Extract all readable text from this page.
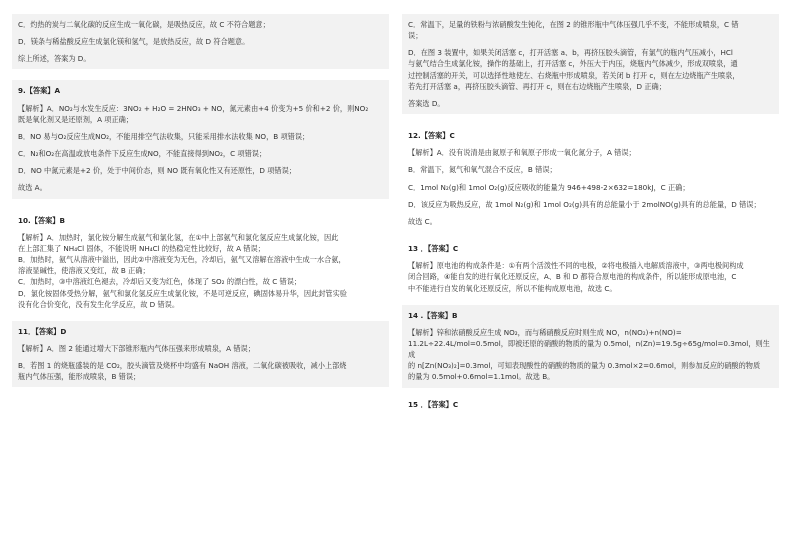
C．灼热的炭与二氧化碳的反应生成一氧化碳，是吸热反应，故 C 不符合题意；

D．镁条与稀盐酸反应生成氯化镁和氢气，是放热反应，故 D 符合题意。

综上所述，答案为 D。

9.【答案】A

【解析】A．NO₂与水发生反应：3NO₂ + H₂O = 2HNO₃ + NO，氮元素由+4 价变为+5 价和+2 价，则NO₂

既是氧化剂又是还原剂，A 项正确；

B．NO 易与O₂反应生成NO₂，不能用排空气法收集，只能采用排水法收集 NO，B 项错误；

C．N₂和O₂在高温或放电条件下反应生成NO，不能直接得到NO₂，C 项错误；

D．NO 中氮元素是+2 价，处于中间价态，则 NO 既有氧化性又有还原性，D 项错误；

故选 A。

10.【答案】B

【解析】A．加热时，氯化铵分解生成氨气和氯化氢，在①中上部氨气和氯化氢反应生成氯化铵，因此

在上部汇集了 NH₄Cl 固体，不能说明 NH₄Cl 的热稳定性比较好，故 A 错误；

B．加热时，氨气从溶液中溢出，因此②中溶液变为无色，冷却后，氨气又溶解在溶液中生成一水合氨，

溶液显碱性，使溶液又变红，故 B 正确；

C．加热时，③中溶液红色褪去，冷却后又变为红色，体现了 SO₂ 的漂白性，故 C 错误；

D．氯化铵固体受热分解，氨气和氯化氢反应生成氯化铵，不是可逆反应，碘固体易升华，因此封管实验

没有化合价变化，没有发生化学反应，故 D 错误。

11．【答案】D

【解析】A．图 2 能通过增大下部锥形瓶内气体压强来形成喷泉，A 错误；

B．若图 1 的烧瓶盛装的是 CO₂，胶头滴管及烧杯中均盛有 NaOH 溶液，二氧化碳被吸收，减小上部烧

瓶内气体压强，能形成喷泉，B 错误；

C．常温下，足量的铁粉与浓硝酸发生钝化，在图 2 的锥形瓶中气体压强几乎不变，不能形成喷泉，C 错

误；

D．在图 3 装置中，如果关闭活塞 c，打开活塞 a、b，再挤压胶头滴管，有氯气的瓶内气压减小，HCl

与氨气结合生成氯化铵，操作的基础上，打开活塞 c，外压大于内压，烧瓶内气体减少，形成双喷泉，通

过控制活塞的开关，可以选择性地使左、右烧瓶中形成喷泉，若关闭 b 打开 c，则在左边烧瓶产生喷泉，

若先打开活塞 a，再挤压胶头滴管、再打开 c，则在右边烧瓶产生喷泉，D 正确；

答案选 D。

12.【答案】C

【解析】A．没有说清是由氮原子和氧原子形成一氧化氮分子，A 错误；

B．常温下，氮气和氧气混合不反应，B 错误；

C．1mol N₂(g)和 1mol O₂(g)反应吸收的能量为 946+498-2×632=180kJ，C 正确；

D．该反应为吸热反应，故 1mol N₂(g)和 1mol O₂(g)具有的总能量小于 2molNO(g)具有的总能量，D 错误；

故选 C。

13 ．【答案】C

【解析】原电池的构成条件是：①有两个活泼性不同的电极，②将电极插入电解质溶液中，③两电极间构成

闭合回路，④能自发的进行氧化还原反应，A、B 和 D 都符合原电池的构成条件，所以能形成原电池，C

中不能进行自发的氧化还原反应，所以不能构成原电池，故选 C。

14 .【答案】B

【解析】锌和浓硝酸反应生成 NO₂，而与稀硝酸反应时则生成 NO，n(NO₂)+n(NO)=

11.2L÷22.4L/mol=0.5mol，即被还原的硝酸的物质的量为 0.5mol，n(Zn)=19.5g÷65g/mol=0.3mol，则生成

的 n[Zn(NO₃)₂]=0.3mol，可知表现酸性的硝酸的物质的量为 0.3mol×2=0.6mol，则参加反应的硝酸的物质

的量为 0.5mol+0.6mol=1.1mol。故选 B。

15 ．【答案】C
